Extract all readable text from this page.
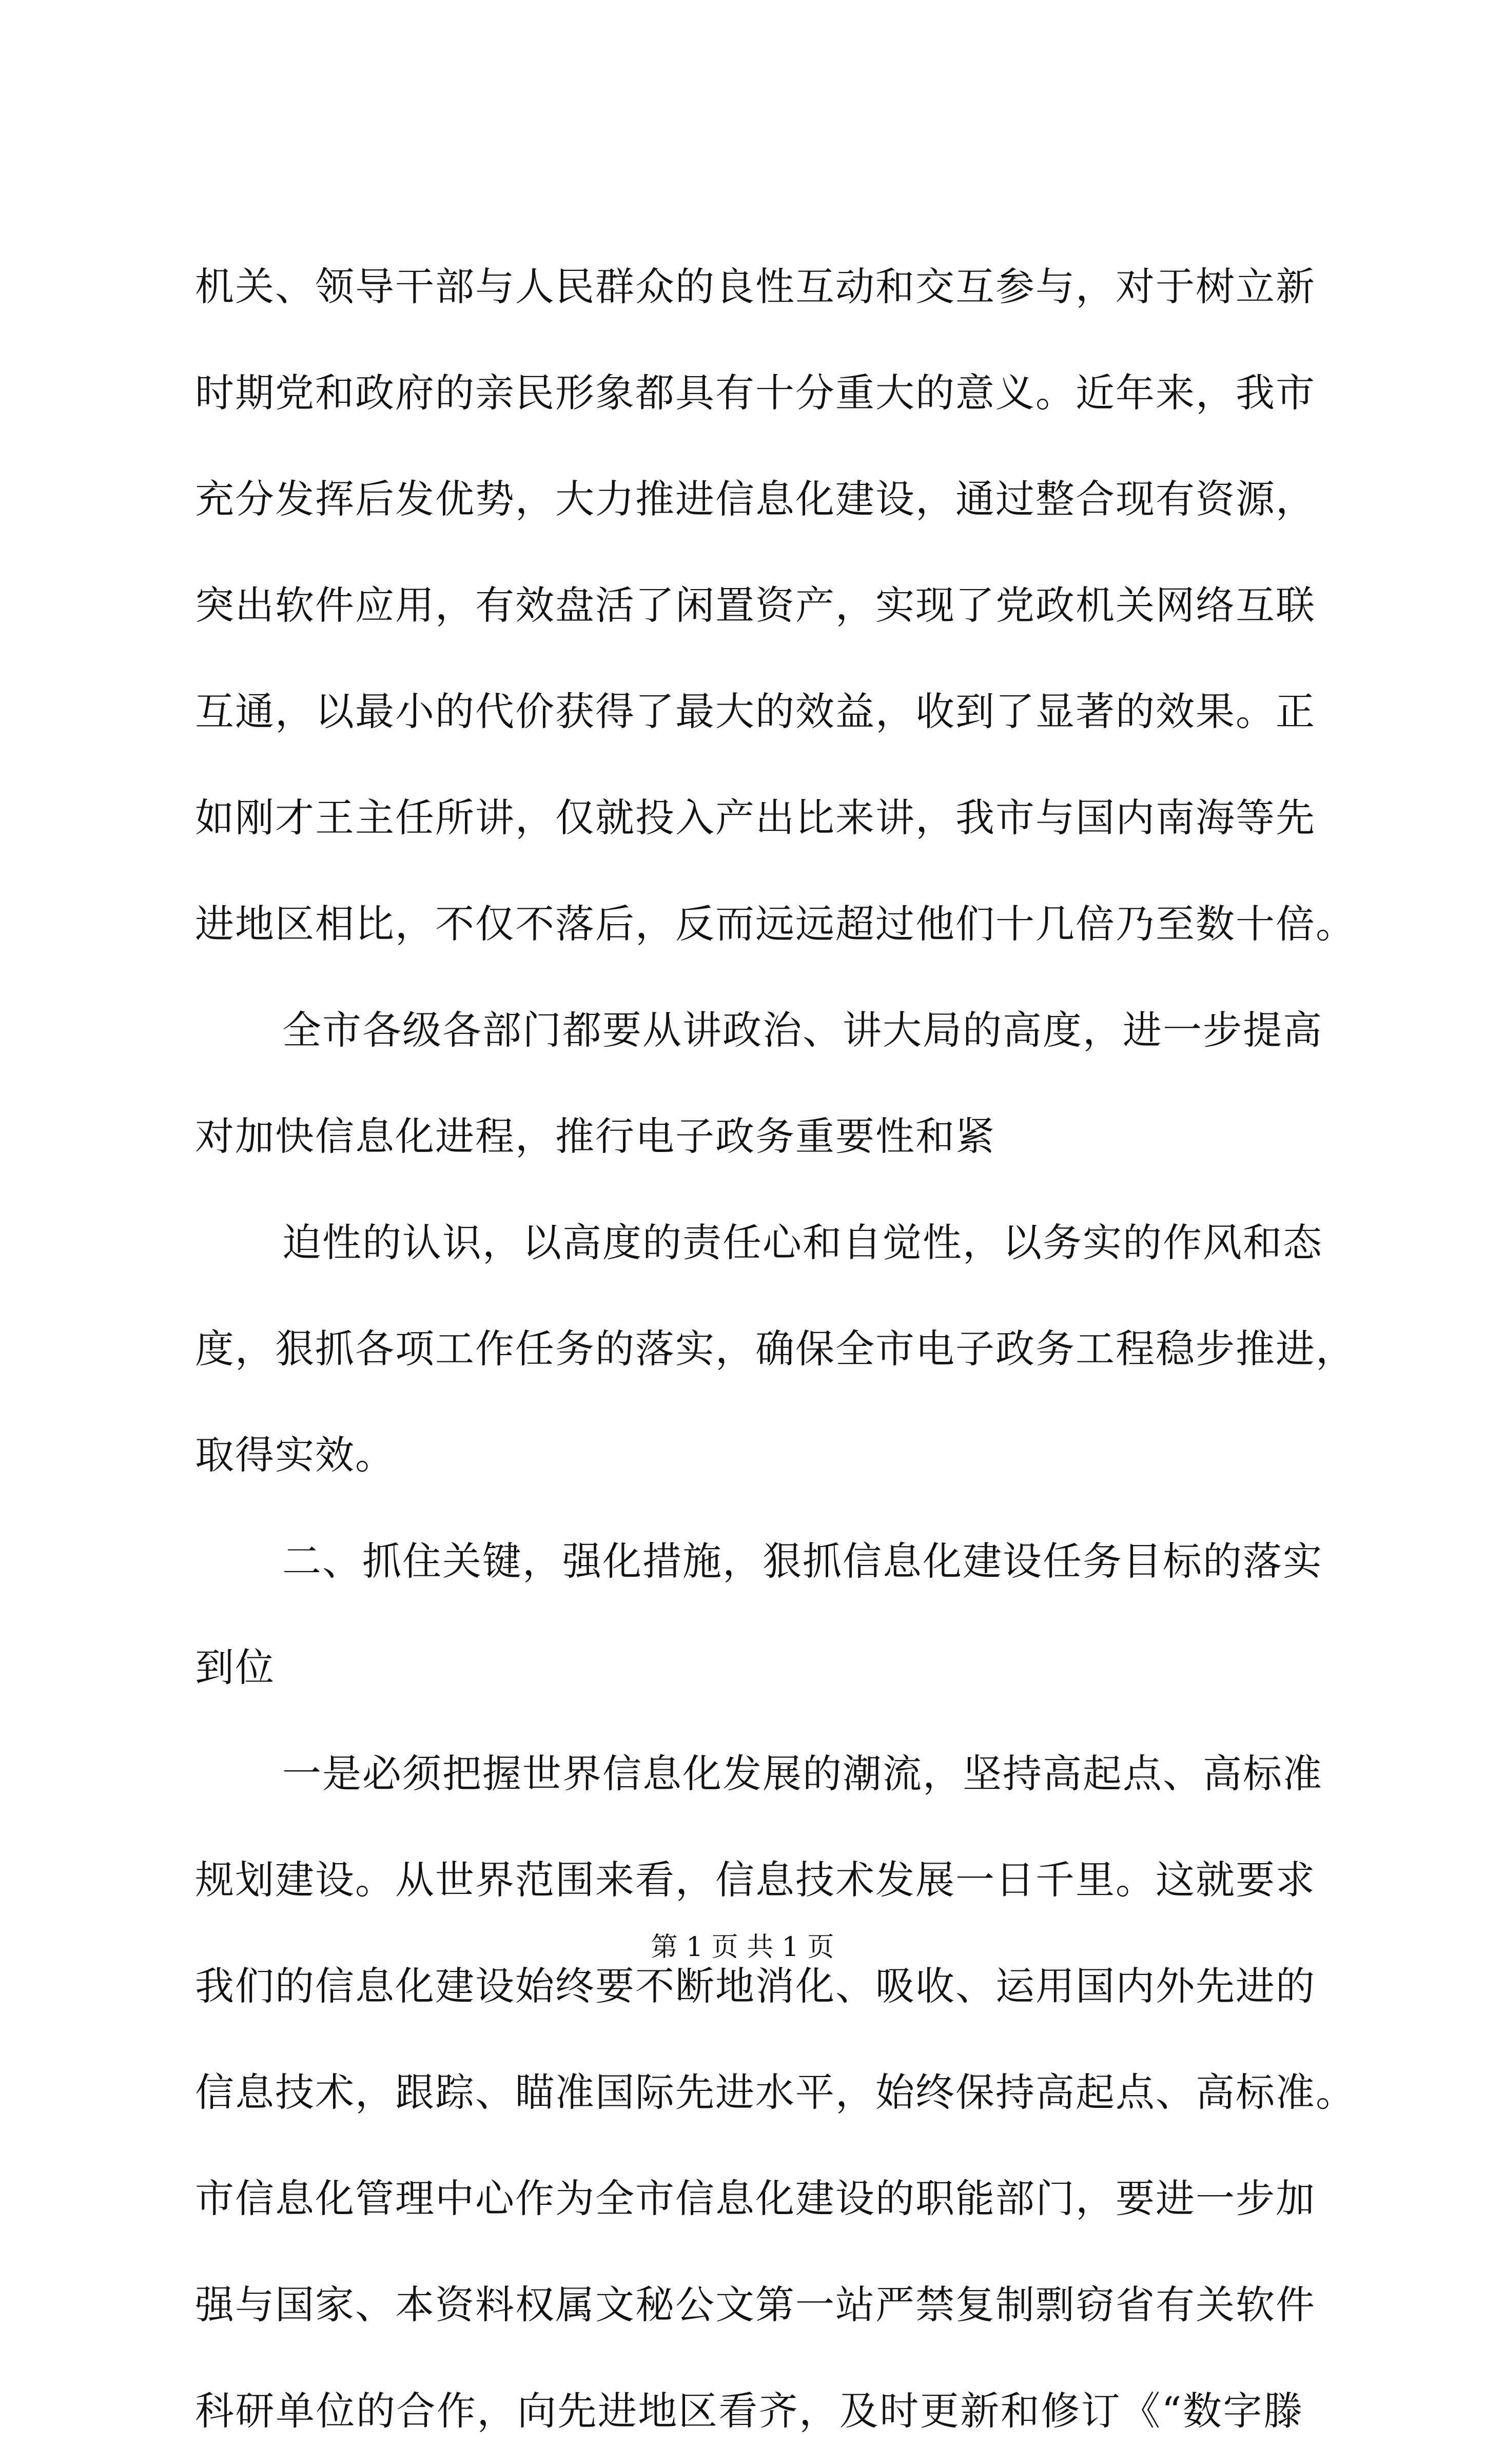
机关、领导干部与人民群众的良性互动和交互参与，对于树立新
时期党和政府的亲民形象都具有十分重大的意义。近年来，我市
充分发挥后发优势，大力推进信息化建设，通过整合现有资源，
突出软件应用，有效盘活了闲置资产，实现了党政机关网络互联
互通，以最小的代价获得了最大的效益，收到了显著的效果。正
如刚才王主任所讲，仅就投入产出比来讲，我市与国内南海等先
进地区相比，不仅不落后，反而远远超过他们十几倍乃至数十倍。
全市各级各部门都要从讲政治、讲大局的高度，进一步提高
对加快信息化进程，推行电子政务重要性和紧
迫性的认识，以高度的责任心和自觉性，以务实的作风和态
度，狠抓各项工作任务的落实，确保全市电子政务工程稳步推进，
取得实效。
二、抓住关键，强化措施，狠抓信息化建设任务目标的落实
到位
一是必须把握世界信息化发展的潮流，坚持高起点、高标准
规划建设。从世界范围来看，信息技术发展一日千里。这就要求
我们的信息化建设始终要不断地消化、吸收、运用国内外先进的
信息技术，跟踪、瞄准国际先进水平，始终保持高起点、高标准。
市信息化管理中心作为全市信息化建设的职能部门，要进一步加
强与国家、本资料权属文秘公文第一站严禁复制剽窃省有关软件
科研单位的合作，向先进地区看齐，及时更新和修订《“数字滕
第 1 页 共 1 页
